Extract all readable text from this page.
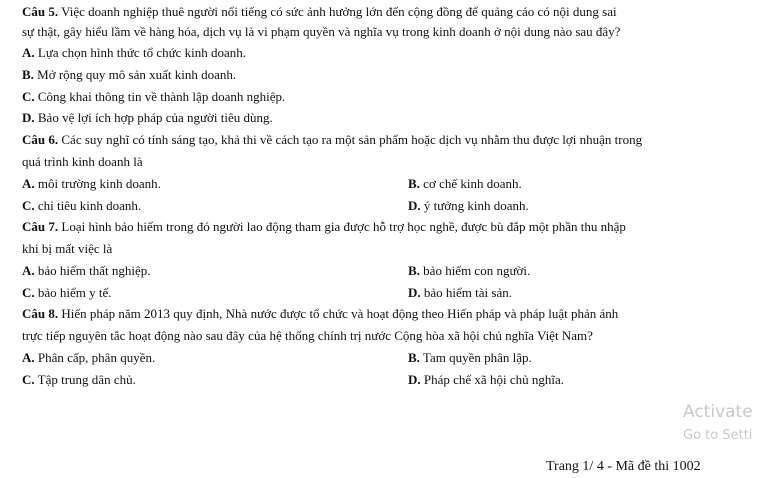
Câu 5. Việc doanh nghiệp thuê người nổi tiếng có sức ảnh hưởng lớn đến cộng đồng để quảng cáo có nội dung sai
sự thật, gây hiểu lầm về hàng hóa, dịch vụ là vi phạm quyền và nghĩa vụ trong kinh doanh ở nội dung nào sau đây?
A. Lựa chọn hình thức tổ chức kinh doanh.
B. Mở rộng quy mô sản xuất kinh doanh.
C. Công khai thông tin về thành lập doanh nghiệp.
D. Bảo vệ lợi ích hợp pháp của người tiêu dùng.
Câu 6. Các suy nghĩ có tính sáng tạo, khả thi về cách tạo ra một sản phẩm hoặc dịch vụ nhằm thu được lợi nhuận trong
quá trình kinh doanh là
A. môi trường kinh doanh.	B. cơ chế kinh doanh.
C. chỉ tiêu kinh doanh.	D. ý tưởng kinh doanh.
Câu 7. Loại hình bảo hiểm trong đó người lao động tham gia được hỗ trợ học nghề, được bù đắp một phần thu nhập
khi bị mất việc là
A. bảo hiểm thất nghiệp.	B. bảo hiểm con người.
C. bảo hiểm y tế.	D. bảo hiểm tài sản.
Câu 8. Hiến pháp năm 2013 quy định, Nhà nước được tổ chức và hoạt động theo Hiến pháp và pháp luật phản ánh
trực tiếp nguyên tắc hoạt động nào sau đây của hệ thống chính trị nước Cộng hòa xã hội chủ nghĩa Việt Nam?
A. Phân cấp, phân quyền.	B. Tam quyền phân lập.
C. Tập trung dân chủ.	D. Pháp chế xã hội chủ nghĩa.
Activate
Go to Setti
Trang 1/ 4 - Mã đề thi 1002
